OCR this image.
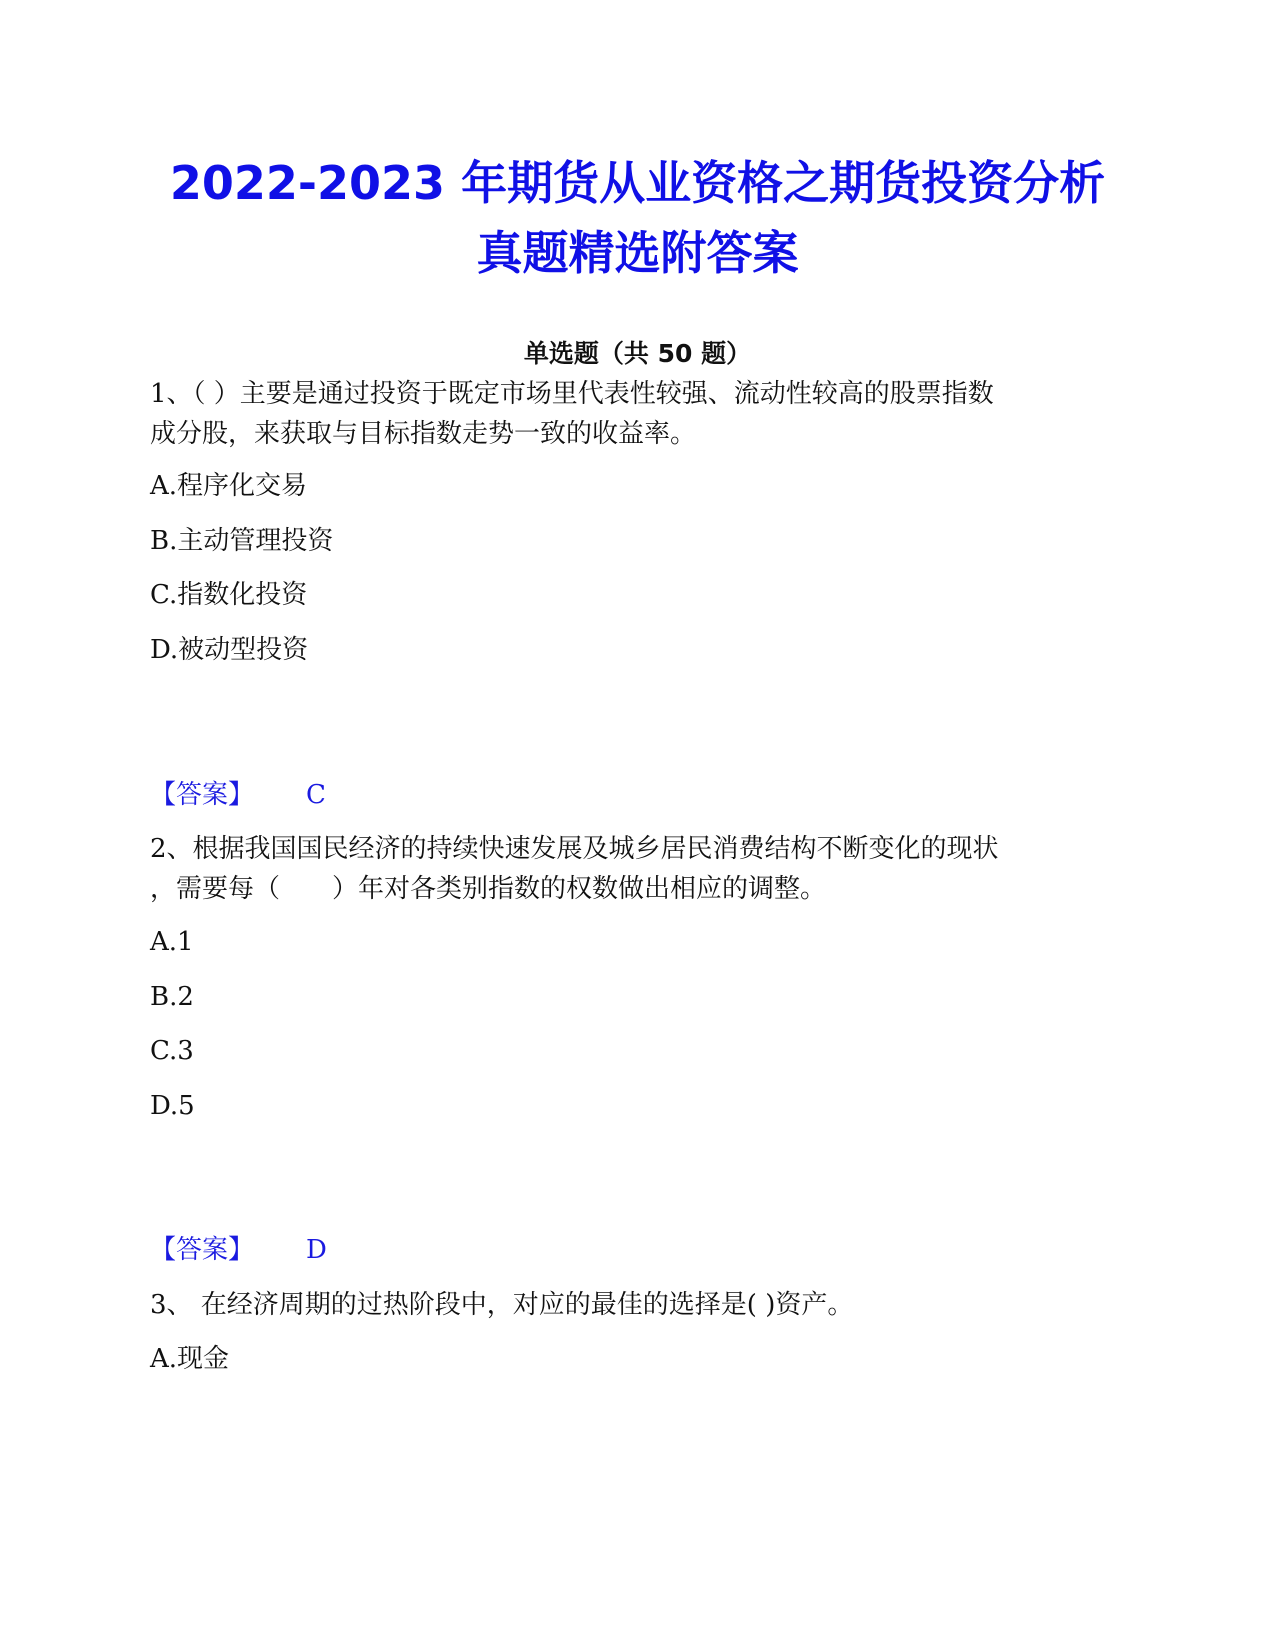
2022-2023 年期货从业资格之期货投资分析
真题精选附答案
单选题（共 50 题）

1、（ ）主要是通过投资于既定市场里代表性较强、流动性较高的股票指数
成分股，来获取与目标指数走势一致的收益率。

A.程序化交易

B.主动管理投资

C.指数化投资

D.被动型投资

【答案】 C

2、根据我国国民经济的持续快速发展及城乡居民消费结构不断变化的现状
，需要每（　　）年对各类别指数的权数做出相应的调整。

A.1

B.2

C.3

D.5

【答案】 D

3、 在经济周期的过热阶段中，对应的最佳的选择是( )资产。

A.现金
